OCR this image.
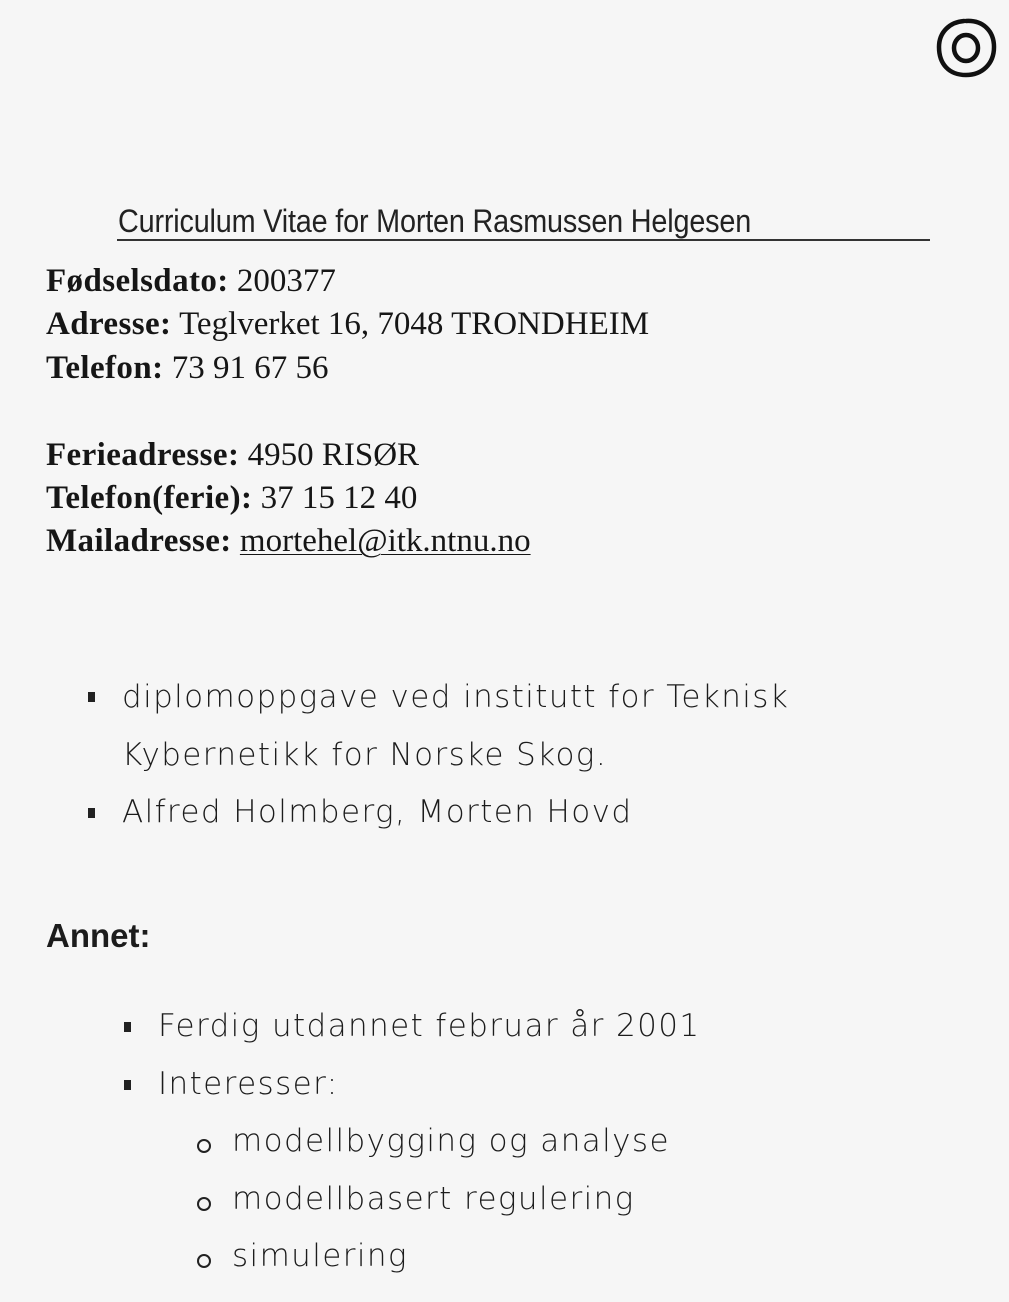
Curriculum Vitae for Morten Rasmussen Helgesen
Fødselsdato: 200377
Adresse: Teglverket 16, 7048 TRONDHEIM
Telefon: 73 91 67 56
Ferieadresse: 4950 RISØR
Telefon(ferie): 37 15 12 40
Mailadresse: mortehel@itk.ntnu.no
diplomoppgave ved institutt for Teknisk
Kybernetikk for Norske Skog.
Alfred Holmberg, Morten Hovd
Annet:
Ferdig utdannet februar år 2001
Interesser:
modellbygging og analyse
modellbasert regulering
simulering
